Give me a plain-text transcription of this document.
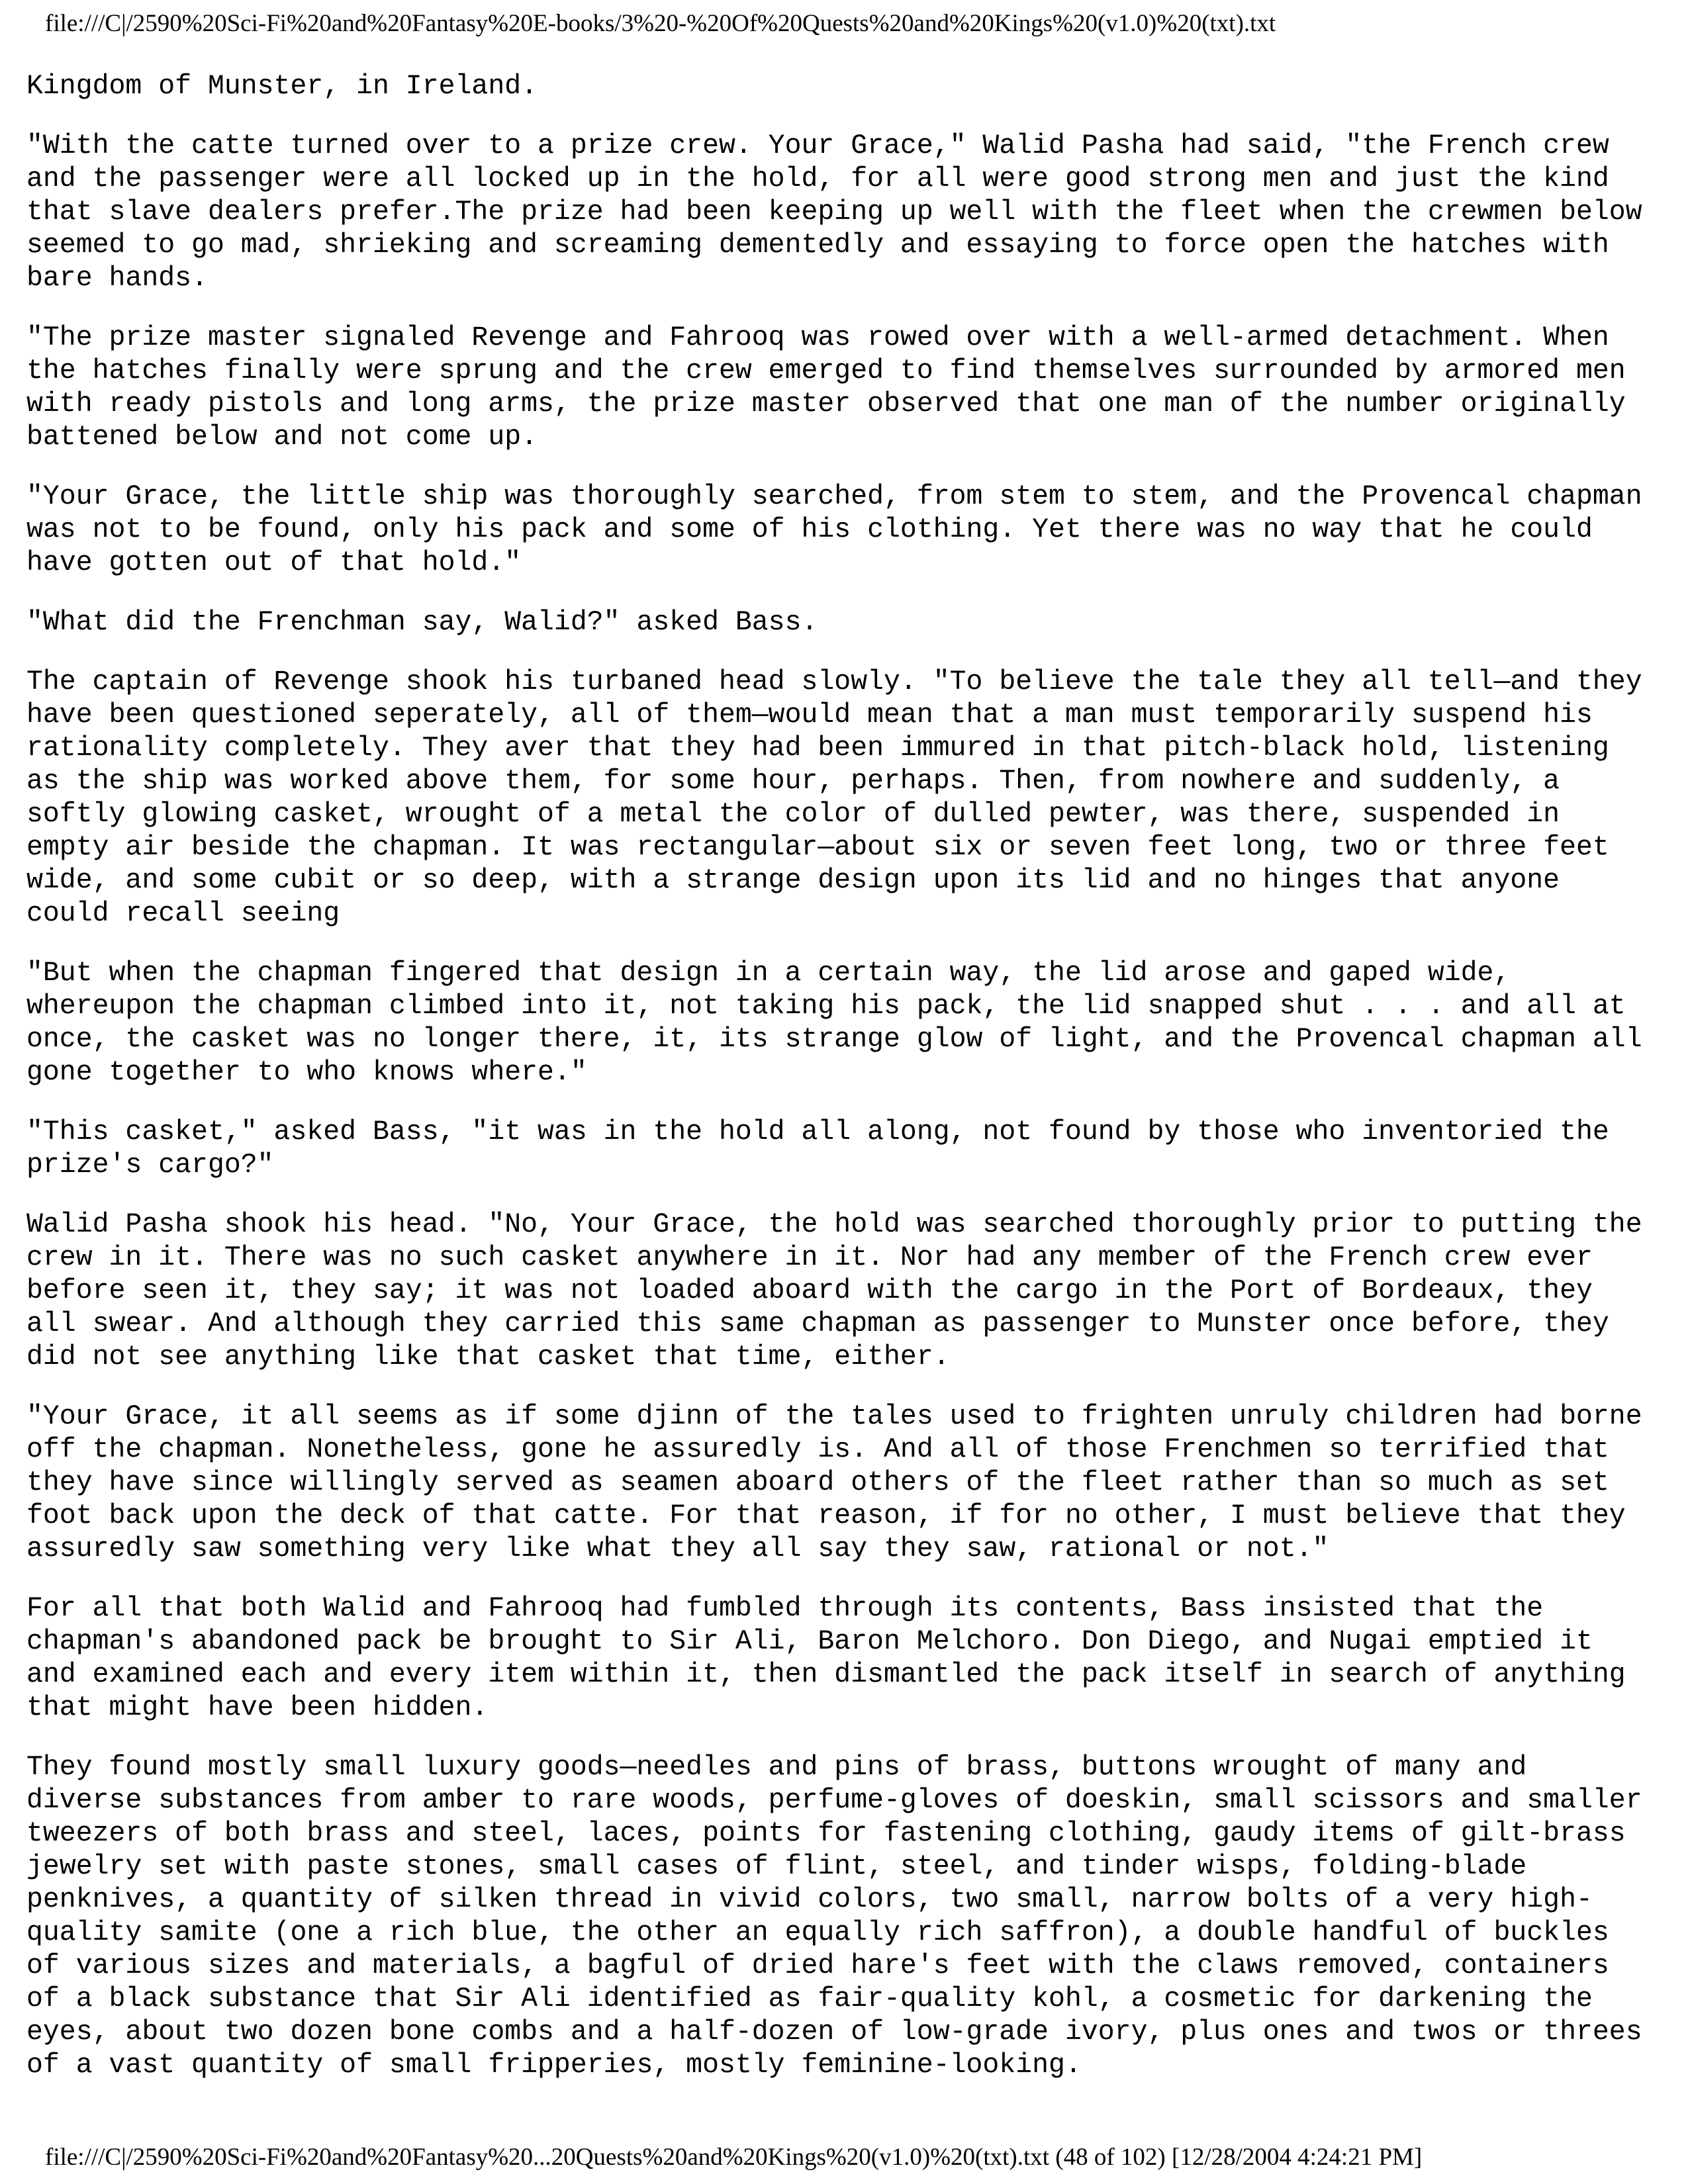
file:///C|/2590%20Sci-Fi%20and%20Fantasy%20E-books/3%20-%20Of%20Quests%20and%20Kings%20(v1.0)%20(txt).txt

Kingdom of Munster, in Ireland.

"With the catte turned over to a prize crew. Your Grace," Walid Pasha had said, "the French crew
and the passenger were all locked up in the hold, for all were good strong men and just the kind
that slave dealers prefer.The prize had been keeping up well with the fleet when the crewmen below
seemed to go mad, shrieking and screaming dementedly and essaying to force open the hatches with
bare hands.

"The prize master signaled Revenge and Fahrooq was rowed over with a well-armed detachment. When
the hatches finally were sprung and the crew emerged to find themselves surrounded by armored men
with ready pistols and long arms, the prize master observed that one man of the number originally
battened below and not come up.

"Your Grace, the little ship was thoroughly searched, from stem to stem, and the Provencal chapman
was not to be found, only his pack and some of his clothing. Yet there was no way that he could
have gotten out of that hold."

"What did the Frenchman say, Walid?" asked Bass.

The captain of Revenge shook his turbaned head slowly. "To believe the tale they all tell—and they
have been questioned seperately, all of them—would mean that a man must temporarily suspend his
rationality completely. They aver that they had been immured in that pitch-black hold, listening
as the ship was worked above them, for some hour, perhaps. Then, from nowhere and suddenly, a
softly glowing casket, wrought of a metal the color of dulled pewter, was there, suspended in
empty air beside the chapman. It was rectangular—about six or seven feet long, two or three feet
wide, and some cubit or so deep, with a strange design upon its lid and no hinges that anyone
could recall seeing

"But when the chapman fingered that design in a certain way, the lid arose and gaped wide,
whereupon the chapman climbed into it, not taking his pack, the lid snapped shut . . . and all at
once, the casket was no longer there, it, its strange glow of light, and the Provencal chapman all
gone together to who knows where."

"This casket," asked Bass, "it was in the hold all along, not found by those who inventoried the
prize's cargo?"

Walid Pasha shook his head. "No, Your Grace, the hold was searched thoroughly prior to putting the
crew in it. There was no such casket anywhere in it. Nor had any member of the French crew ever
before seen it, they say; it was not loaded aboard with the cargo in the Port of Bordeaux, they
all swear. And although they carried this same chapman as passenger to Munster once before, they
did not see anything like that casket that time, either.

"Your Grace, it all seems as if some djinn of the tales used to frighten unruly children had borne
off the chapman. Nonetheless, gone he assuredly is. And all of those Frenchmen so terrified that
they have since willingly served as seamen aboard others of the fleet rather than so much as set
foot back upon the deck of that catte. For that reason, if for no other, I must believe that they
assuredly saw something very like what they all say they saw, rational or not."

For all that both Walid and Fahrooq had fumbled through its contents, Bass insisted that the
chapman's abandoned pack be brought to Sir Ali, Baron Melchoro. Don Diego, and Nugai emptied it
and examined each and every item within it, then dismantled the pack itself in search of anything
that might have been hidden.

They found mostly small luxury goods—needles and pins of brass, buttons wrought of many and
diverse substances from amber to rare woods, perfume-gloves of doeskin, small scissors and smaller
tweezers of both brass and steel, laces, points for fastening clothing, gaudy items of gilt-brass
jewelry set with paste stones, small cases of flint, steel, and tinder wisps, folding-blade
penknives, a quantity of silken thread in vivid colors, two small, narrow bolts of a very high-
quality samite (one a rich blue, the other an equally rich saffron), a double handful of buckles
of various sizes and materials, a bagful of dried hare's feet with the claws removed, containers
of a black substance that Sir Ali identified as fair-quality kohl, a cosmetic for darkening the
eyes, about two dozen bone combs and a half-dozen of low-grade ivory, plus ones and twos or threes
of a vast quantity of small fripperies, mostly feminine-looking.

file:///C|/2590%20Sci-Fi%20and%20Fantasy%20...20Quests%20and%20Kings%20(v1.0)%20(txt).txt (48 of 102) [12/28/2004 4:24:21 PM]
